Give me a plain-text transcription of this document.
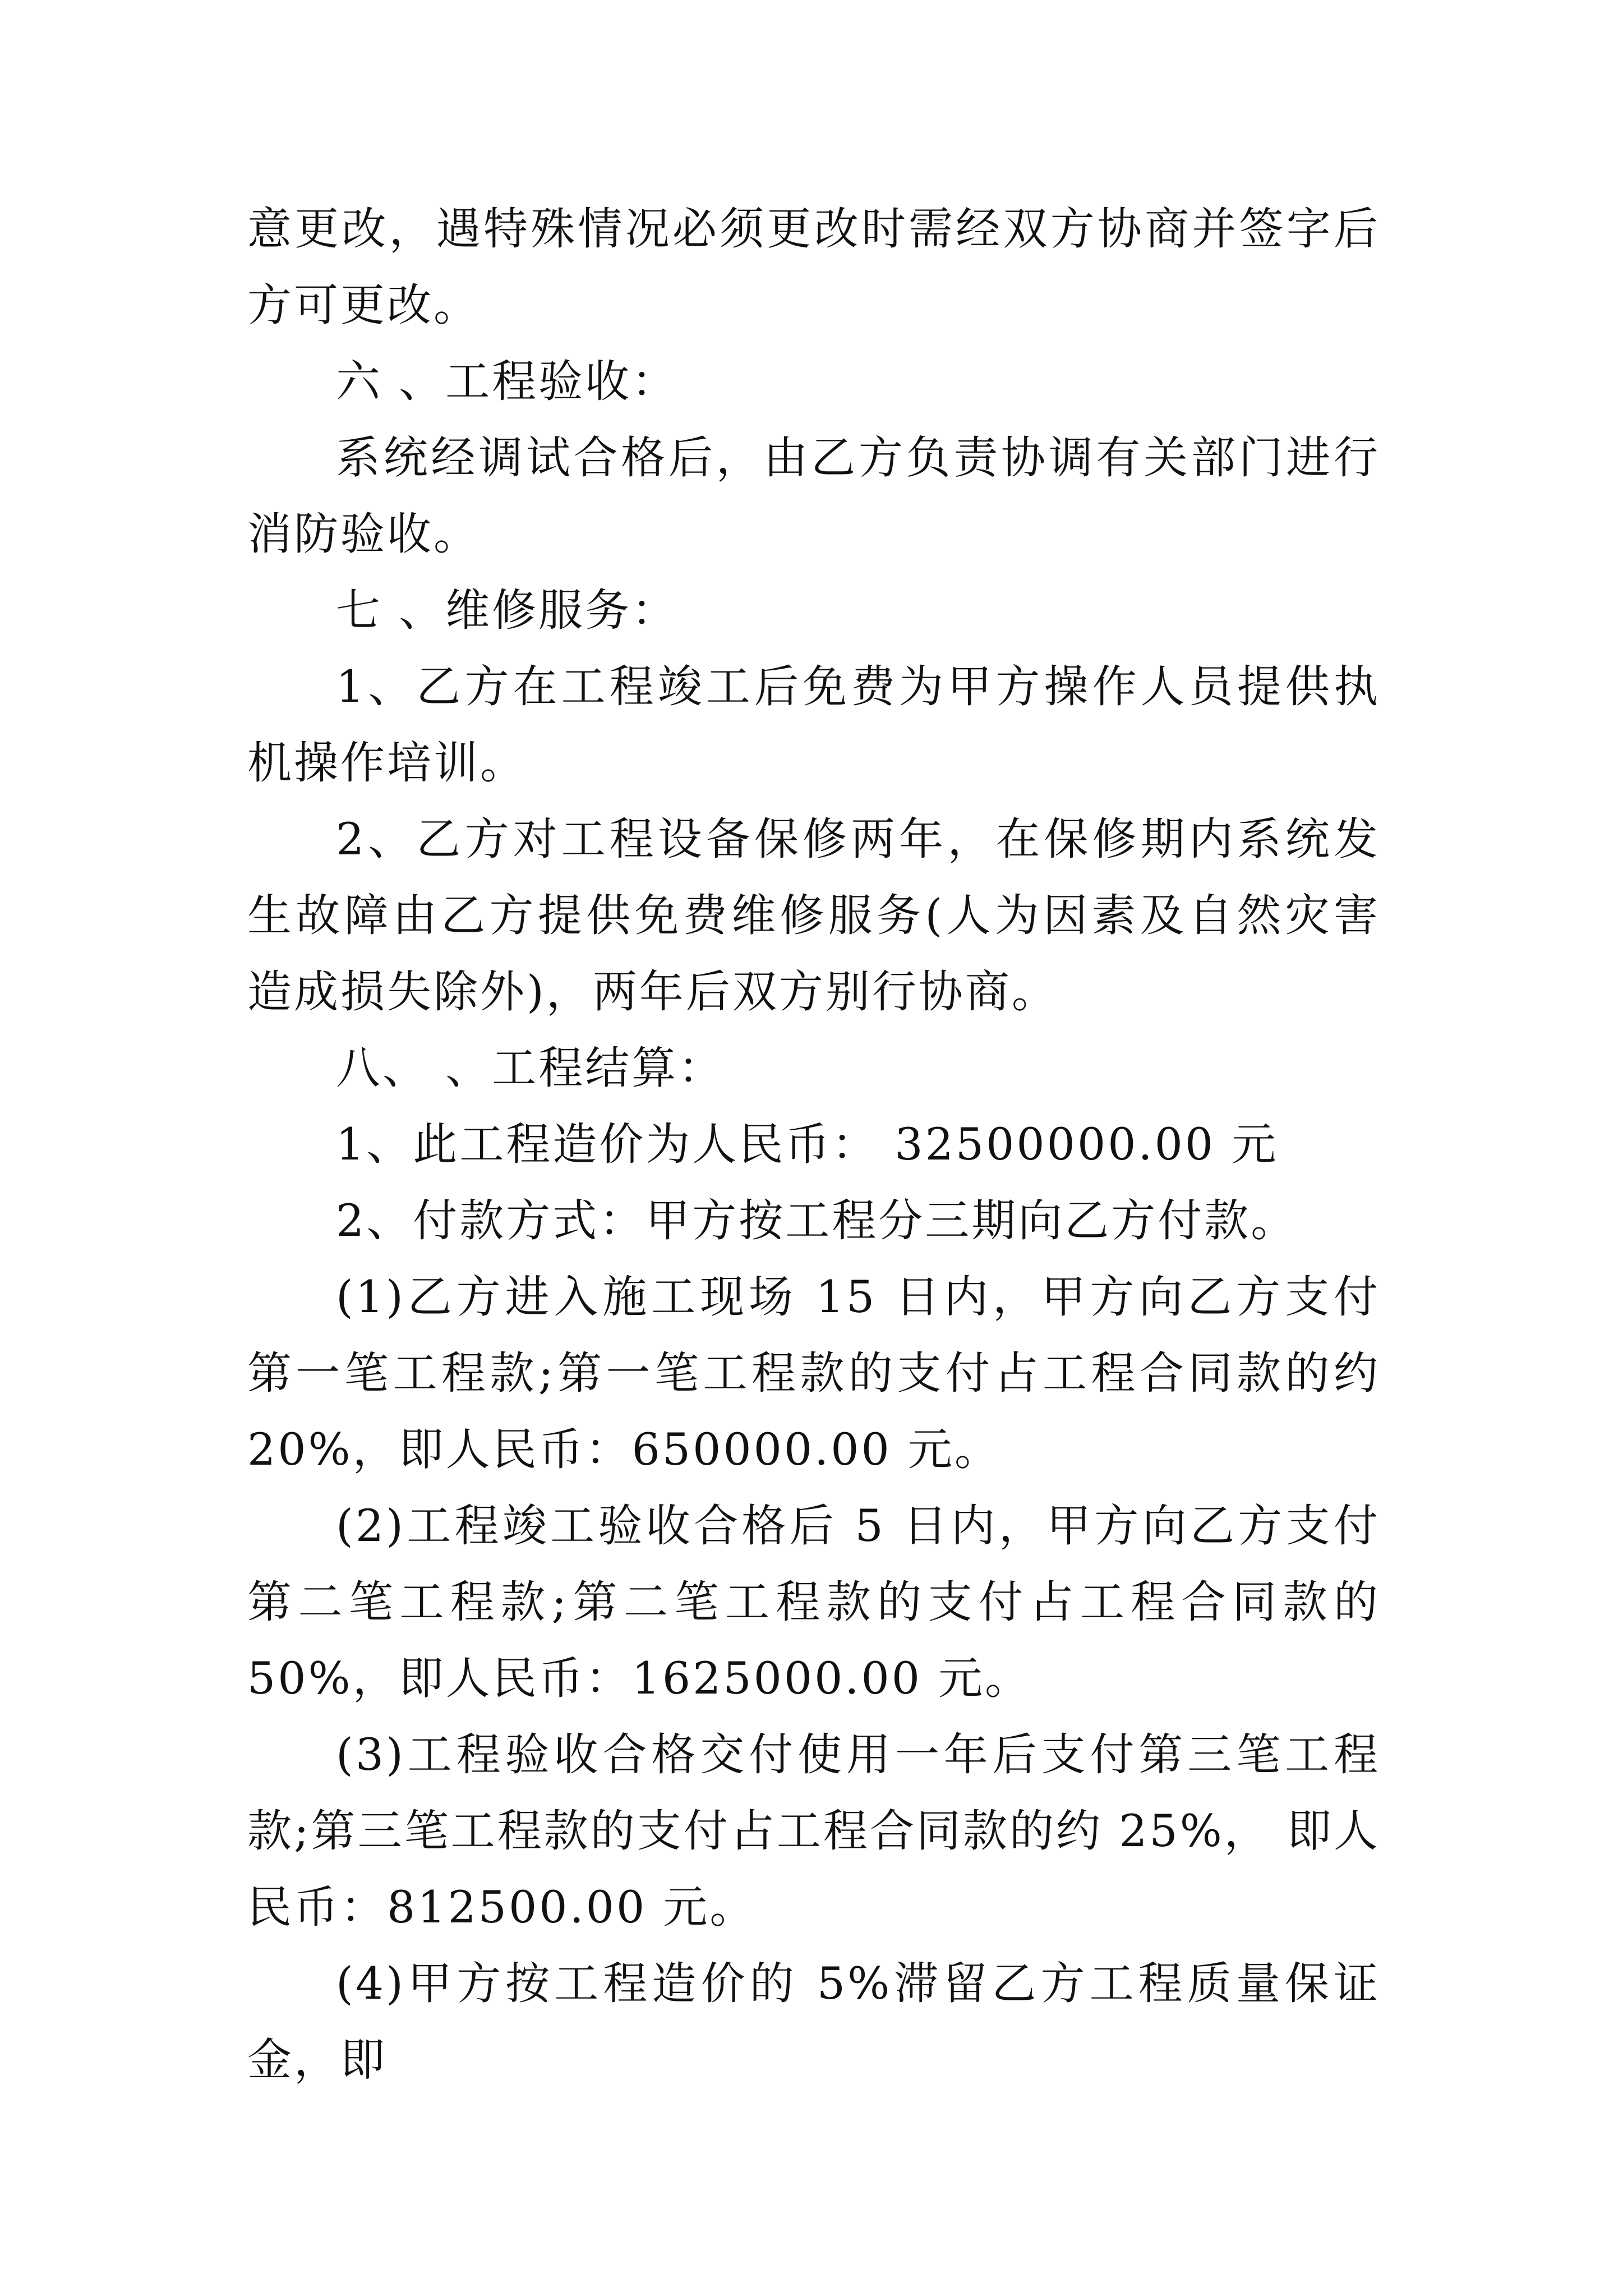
意更改，遇特殊情况必须更改时需经双方协商并签字后方可更改。

六 、工程验收：

系统经调试合格后，由乙方负责协调有关部门进行消防验收。

七 、维修服务：

1、乙方在工程竣工后免费为甲方操作人员提供执机操作培训。

2、乙方对工程设备保修两年，在保修期内系统发生故障由乙方提供免费维修服务(人为因素及自然灾害造成损失除外)，两年后双方别行协商。

八、 、工程结算：

1、此工程造价为人民币： 32500000.00 元

2、付款方式：甲方按工程分三期向乙方付款。

(1)乙方进入施工现场 15 日内，甲方向乙方支付第一笔工程款;第一笔工程款的支付占工程合同款的约 20%，即人民币：650000.00 元。

(2)工程竣工验收合格后 5 日内，甲方向乙方支付第二笔工程款;第二笔工程款的支付占工程合同款的 50%，即人民币：1625000.00 元。

(3)工程验收合格交付使用一年后支付第三笔工程款;第三笔工程款的支付占工程合同款的约 25%， 即人民币：812500.00 元。

(4)甲方按工程造价的 5%滞留乙方工程质量保证金，即
